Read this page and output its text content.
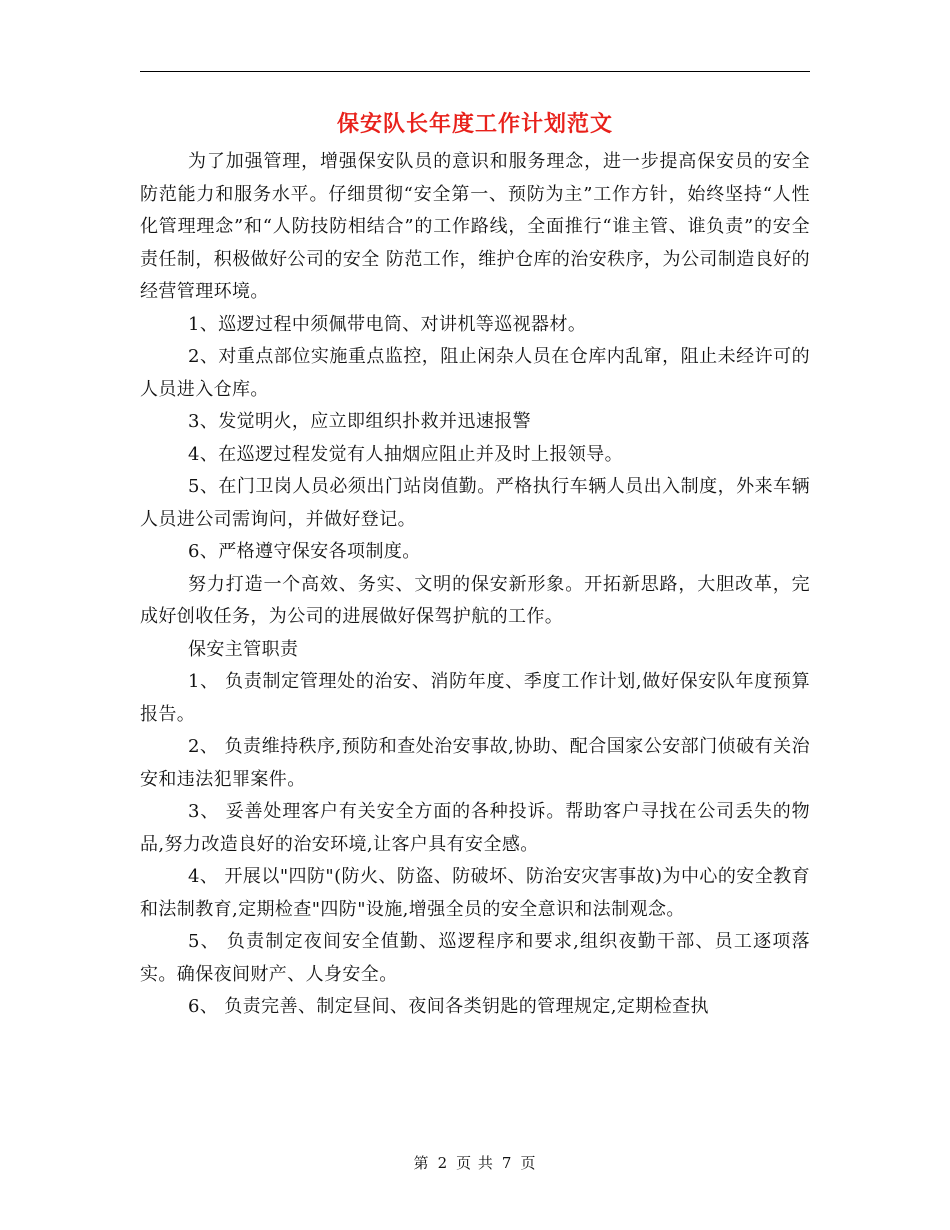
保安队长年度工作计划范文

为了加强管理，增强保安队员的意识和服务理念，进一步提高保安员的安全防范能力和服务水平。仔细贯彻“安全第一、预防为主”工作方针，始终坚持“人性化管理理念”和“人防技防相结合”的工作路线，全面推行“谁主管、谁负责”的安全责任制，积极做好公司的安全 防范工作，维护仓库的治安秩序，为公司制造良好的经营管理环境。

1、巡逻过程中须佩带电筒、对讲机等巡视器材。

2、对重点部位实施重点监控，阻止闲杂人员在仓库内乱窜，阻止未经许可的人员进入仓库。

3、发觉明火，应立即组织扑救并迅速报警

4、在巡逻过程发觉有人抽烟应阻止并及时上报领导。

5、在门卫岗人员必须出门站岗值勤。严格执行车辆人员出入制度，外来车辆人员进公司需询问，并做好登记。

6、严格遵守保安各项制度。

努力打造一个高效、务实、文明的保安新形象。开拓新思路，大胆改革，完成好创收任务，为公司的进展做好保驾护航的工作。

保安主管职责

1、 负责制定管理处的治安、消防年度、季度工作计划,做好保安队年度预算报告。

2、 负责维持秩序,预防和查处治安事故,协助、配合国家公安部门侦破有关治安和违法犯罪案件。

3、 妥善处理客户有关安全方面的各种投诉。帮助客户寻找在公司丢失的物品,努力改造良好的治安环境,让客户具有安全感。

4、 开展以"四防"(防火、防盗、防破坏、防治安灾害事故)为中心的安全教育和法制教育,定期检查"四防"设施,增强全员的安全意识和法制观念。

5、 负责制定夜间安全值勤、巡逻程序和要求,组织夜勤干部、员工逐项落实。确保夜间财产、人身安全。

6、 负责完善、制定昼间、夜间各类钥匙的管理规定,定期检查执

第 2 页 共 7 页
